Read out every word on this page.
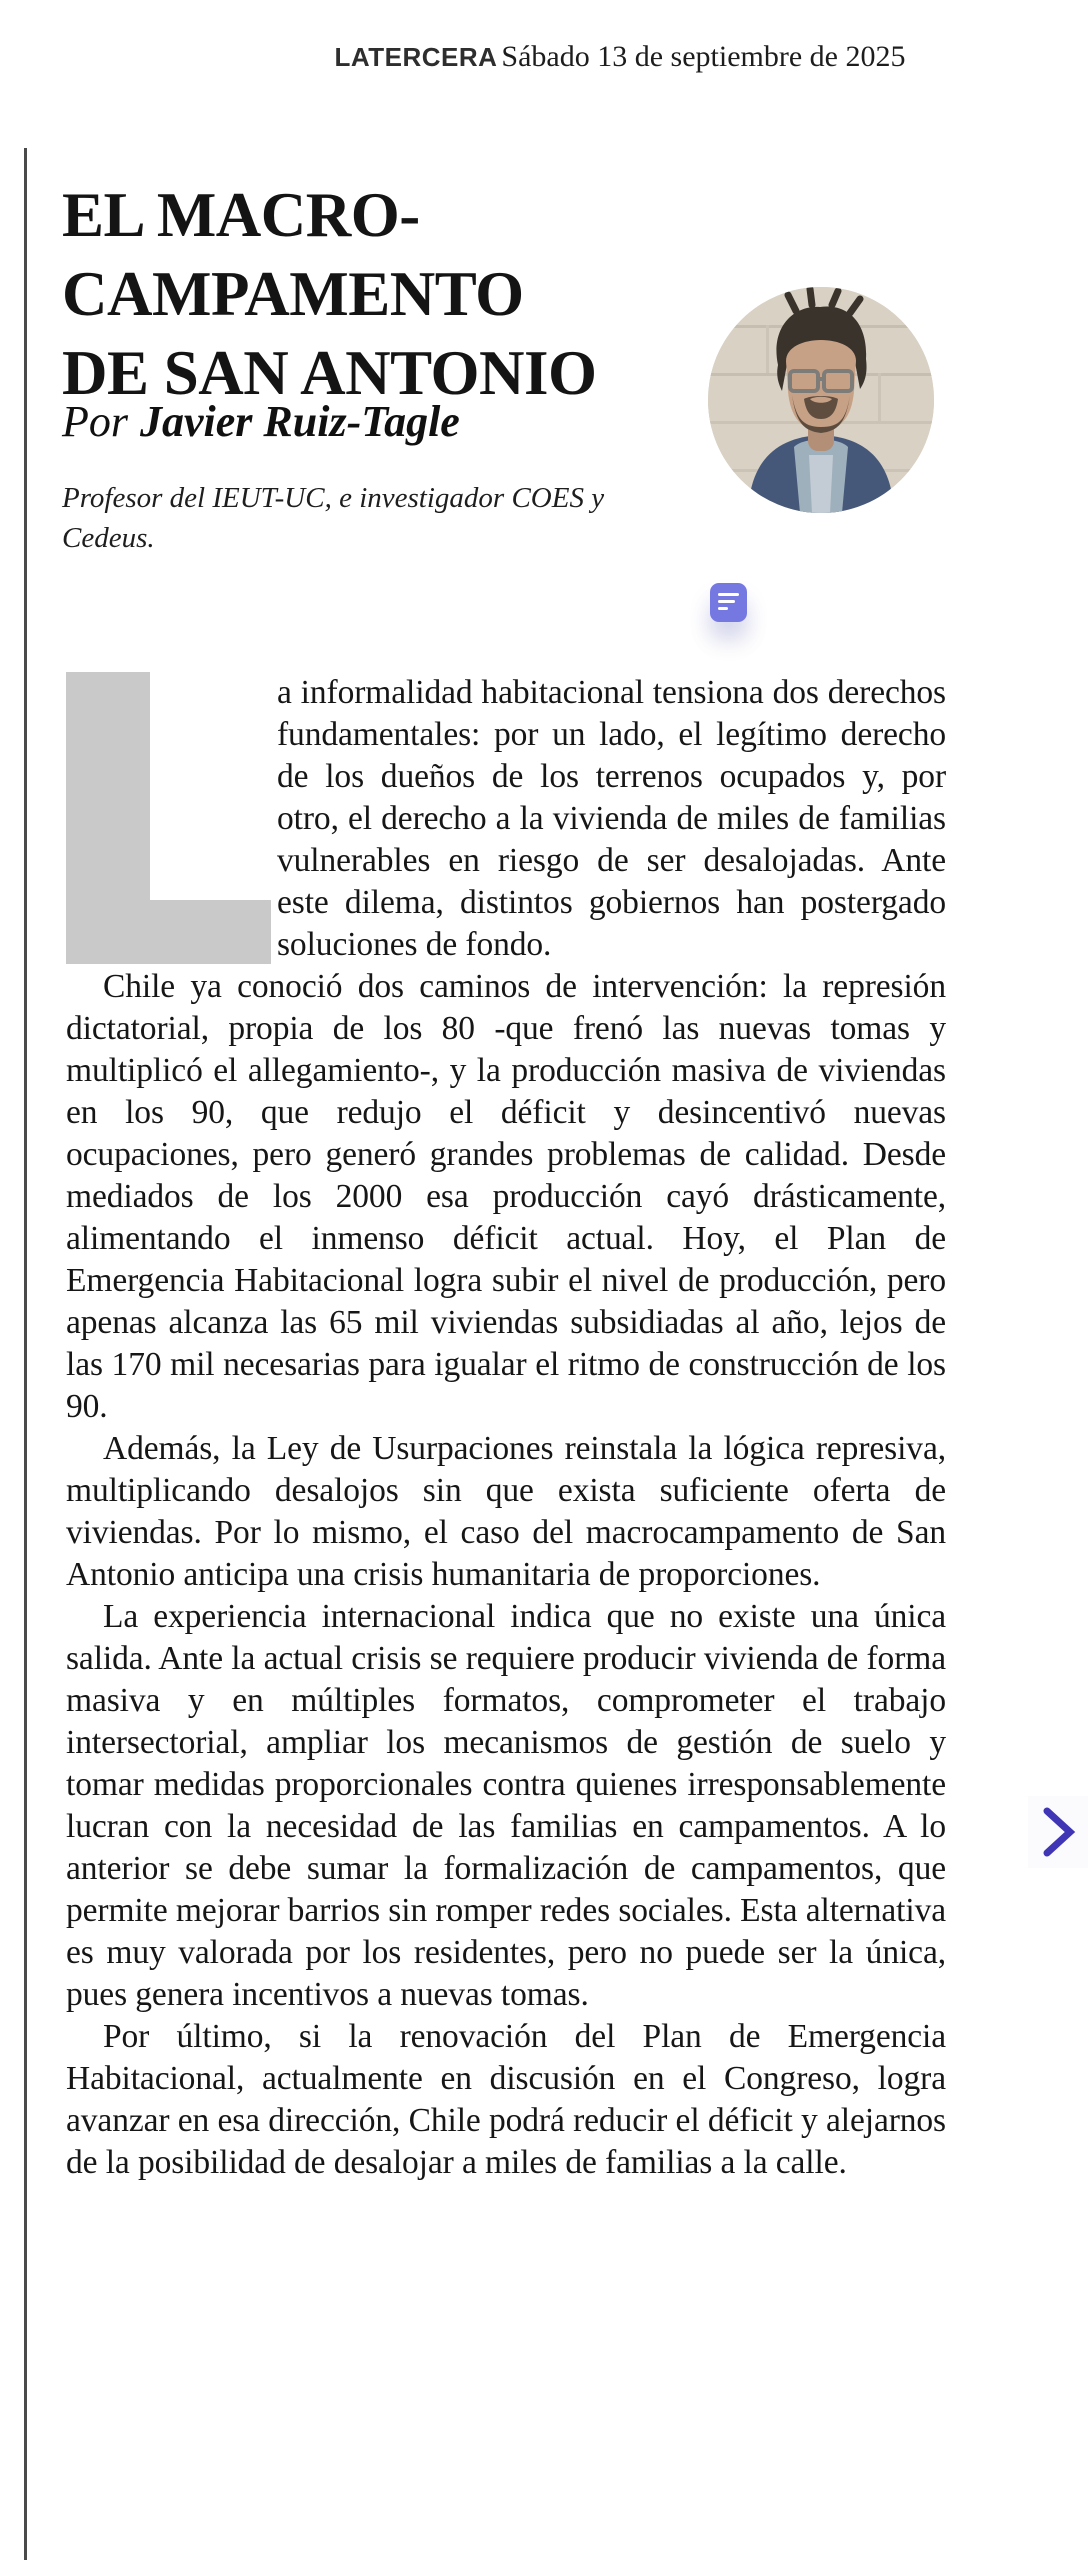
LATERCERA Sábado 13 de septiembre de 2025
EL MACRO-
CAMPAMENTO
DE SAN ANTONIO
Por Javier Ruiz-Tagle
Profesor del IEUT-UC, e investigador COES y Cedeus.

a informalidad habitacional tensiona dos derechos fundamentales: por un lado, el legítimo derecho de los dueños de los terrenos ocupados y, por otro, el derecho a la vivienda de miles de familias vulnerables en riesgo de ser desalojadas. Ante este dilema, distintos gobiernos han postergado soluciones de fondo.

Chile ya conoció dos caminos de intervención: la represión dictatorial, propia de los 80 -que frenó las nuevas tomas y multiplicó el allegamiento-, y la producción masiva de viviendas en los 90, que redujo el déficit y desincentivó nuevas ocupaciones, pero generó grandes problemas de calidad. Desde mediados de los 2000 esa producción cayó drásticamente, alimentando el inmenso déficit actual. Hoy, el Plan de Emergencia Habitacional logra subir el nivel de producción, pero apenas alcanza las 65 mil viviendas subsidiadas al año, lejos de las 170 mil necesarias para igualar el ritmo de construcción de los 90.

Además, la Ley de Usurpaciones reinstala la lógica represiva, multiplicando desalojos sin que exista suficiente oferta de viviendas. Por lo mismo, el caso del macrocampamento de San Antonio anticipa una crisis humanitaria de proporciones.

La experiencia internacional indica que no existe una única salida. Ante la actual crisis se requiere producir vivienda de forma masiva y en múltiples formatos, comprometer el trabajo intersectorial, ampliar los mecanismos de gestión de suelo y tomar medidas proporcionales contra quienes irresponsablemente lucran con la necesidad de las familias en campamentos. A lo anterior se debe sumar la formalización de campamentos, que permite mejorar barrios sin romper redes sociales. Esta alternativa es muy valorada por los residentes, pero no puede ser la única, pues genera incentivos a nuevas tomas.

Por último, si la renovación del Plan de Emergencia Habitacional, actualmente en discusión en el Congreso, logra avanzar en esa dirección, Chile podrá reducir el déficit y alejarnos de la posibilidad de desalojar a miles de familias a la calle.
